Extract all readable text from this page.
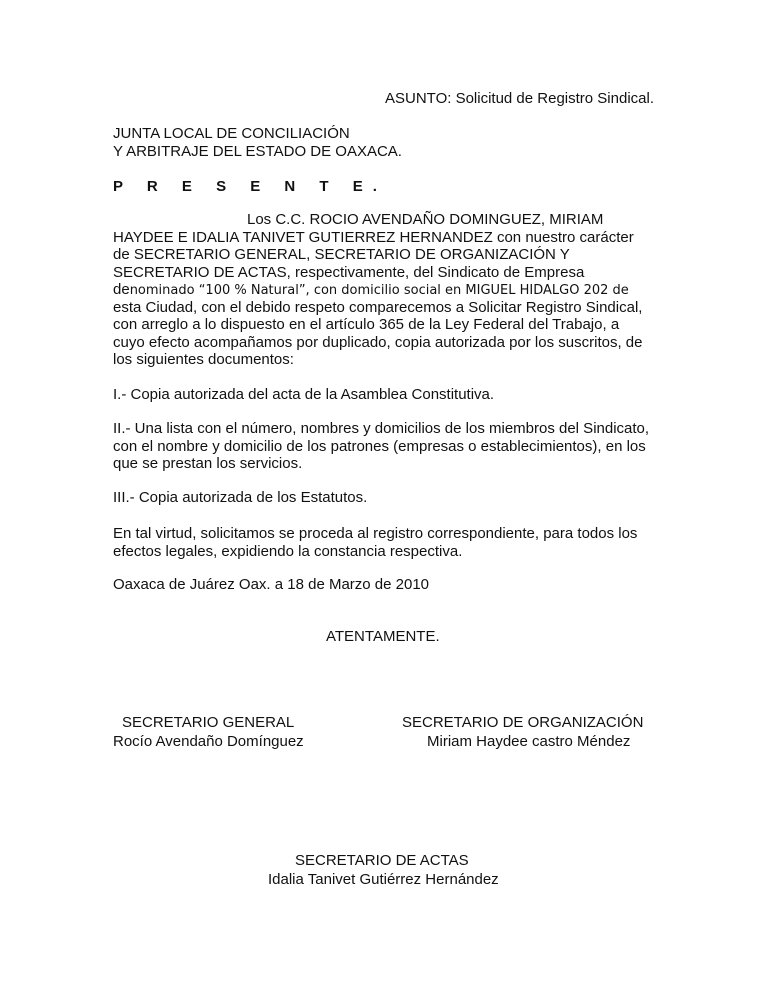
ASUNTO: Solicitud de Registro Sindical.
JUNTA LOCAL DE CONCILIACIÓN
Y ARBITRAJE DEL ESTADO DE OAXACA.
P R E S E N T E.
Los C.C. ROCIO AVENDAÑO DOMINGUEZ, MIRIAM
HAYDEE E IDALIA TANIVET GUTIERREZ HERNANDEZ con nuestro carácter
de SECRETARIO GENERAL, SECRETARIO DE ORGANIZACIÓN Y
SECRETARIO DE ACTAS, respectivamente, del Sindicato de Empresa
denominado “100 % Natural”, con domicilio social en MIGUEL HIDALGO 202 de
esta Ciudad, con el debido respeto comparecemos a Solicitar Registro Sindical,
con arreglo a lo dispuesto en el artículo 365 de la Ley Federal del Trabajo, a
cuyo efecto acompañamos por duplicado, copia autorizada por los suscritos, de
los siguientes documentos:
I.- Copia autorizada del acta de la Asamblea Constitutiva.
II.- Una lista con el número, nombres y domicilios de los miembros del Sindicato,
con el nombre y domicilio de los patrones (empresas o establecimientos), en los
que se prestan los servicios.
III.- Copia autorizada de los Estatutos.
En tal virtud, solicitamos se proceda al registro correspondiente, para todos los
efectos legales, expidiendo la constancia respectiva.
Oaxaca de Juárez Oax. a 18 de Marzo de 2010
ATENTAMENTE.
SECRETARIO GENERAL
Rocío Avendaño Domínguez
SECRETARIO DE ORGANIZACIÓN
Miriam Haydee castro Méndez
SECRETARIO DE ACTAS
Idalia Tanivet Gutiérrez Hernández
